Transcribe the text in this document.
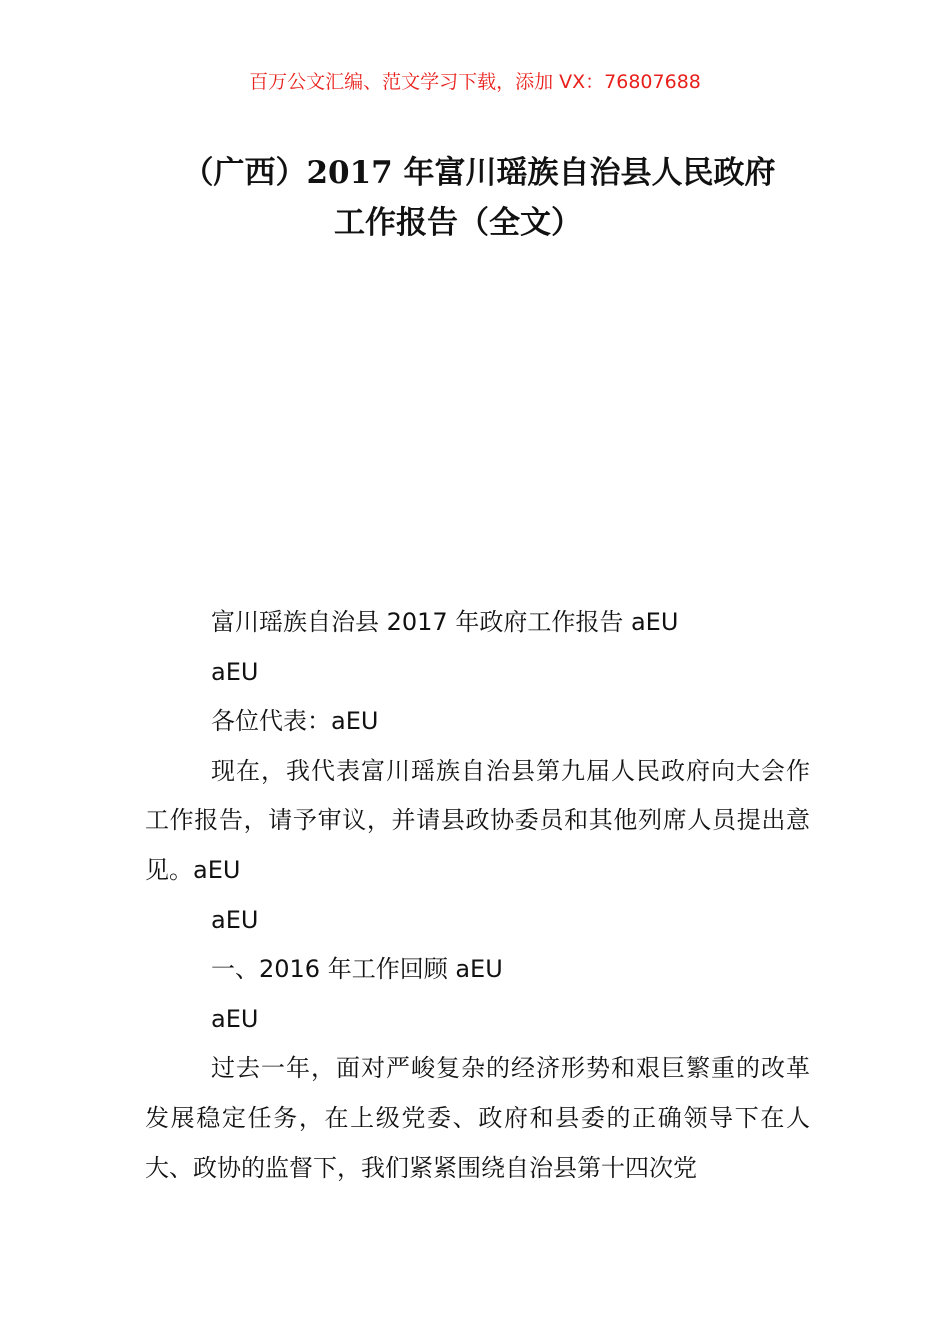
百万公文汇编、范文学习下载，添加 VX：76807688
（广西）2017 年富川瑶族自治县人民政府
工作报告（全文）

富川瑶族自治县 2017 年政府工作报告 aEU

aEU

各位代表：aEU

现在，我代表富川瑶族自治县第九届人民政府向大会作工作报告，请予审议，并请县政协委员和其他列席人员提出意见。aEU

aEU

一、2016 年工作回顾 aEU

aEU

过去一年，面对严峻复杂的经济形势和艰巨繁重的改革发展稳定任务，在上级党委、政府和县委的正确领导下在人大、政协的监督下，我们紧紧围绕自治县第十四次党
